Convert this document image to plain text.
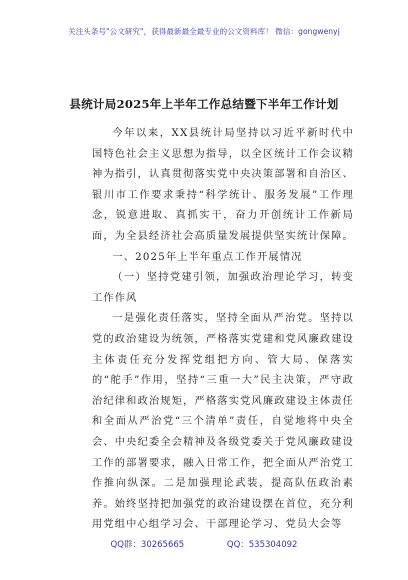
关注头条号"公文研究"，获得最新最全最专业的公文资料库！ 微信：gongwenyj
县统计局2025年上半年工作总结暨下半年工作计划

今年以来，XX县统计局坚持以习近平新时代中国特色社会主义思想为指导，以全区统计工作会议精神为指引，认真贯彻落实党中央决策部署和自治区、银川市工作要求秉持“科学统计、服务发展”工作理念，锐意进取、真抓实干，奋力开创统计工作新局面，为全县经济社会高质量发展提供坚实统计保障。

一、2025年上半年重点工作开展情况

（一）坚持党建引领，加强政治理论学习，转变工作作风

一是强化责任落实，坚持全面从严治党。坚持以党的政治建设为统领，严格落实党建和党风廉政建设主体责任充分发挥党组把方向、管大局、保落实的“舵手”作用，坚持“三重一大”民主决策，严守政治纪律和政治规矩，严格落实党风廉政建设主体责任和全面从严治党“三个清单”责任，自觉地将中央全会、中央纪委全会精神及各级党委关于党风廉政建设工作的部署要求，融入日常工作，把全面从严治党工作推向纵深。二是加强理论武装，提高队伍政治素养。始终坚持把加强党的政治建设摆在首位，充分利用党组中心组学习会、干部理论学习、党员大会等

QQ群：30265665	QQ：535304092
